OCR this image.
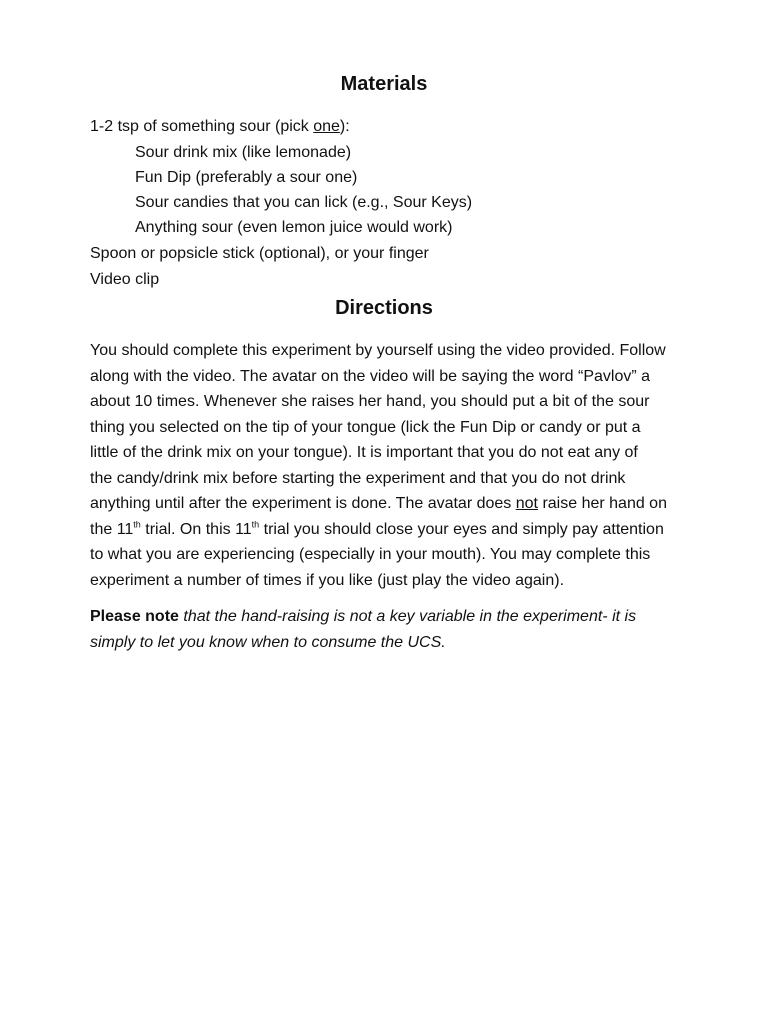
Materials
1-2 tsp of something sour (pick one):
Sour drink mix (like lemonade)
Fun Dip (preferably a sour one)
Sour candies that you can lick (e.g., Sour Keys)
Anything sour (even lemon juice would work)
Spoon or popsicle stick (optional), or your finger
Video clip
Directions
You should complete this experiment by yourself using the video provided. Follow
along with the video. The avatar on the video will be saying the word “Pavlov” a
about 10 times. Whenever she raises her hand, you should put a bit of the sour
thing you selected on the tip of your tongue (lick the Fun Dip or candy or put a
little of the drink mix on your tongue). It is important that you do not eat any of
the candy/drink mix before starting the experiment and that you do not drink
anything until after the experiment is done. The avatar does not raise her hand on
the 11th trial. On this 11th trial you should close your eyes and simply pay attention
to what you are experiencing (especially in your mouth). You may complete this
experiment a number of times if you like (just play the video again).
Please note that the hand-raising is not a key variable in the experiment- it is
simply to let you know when to consume the UCS.
